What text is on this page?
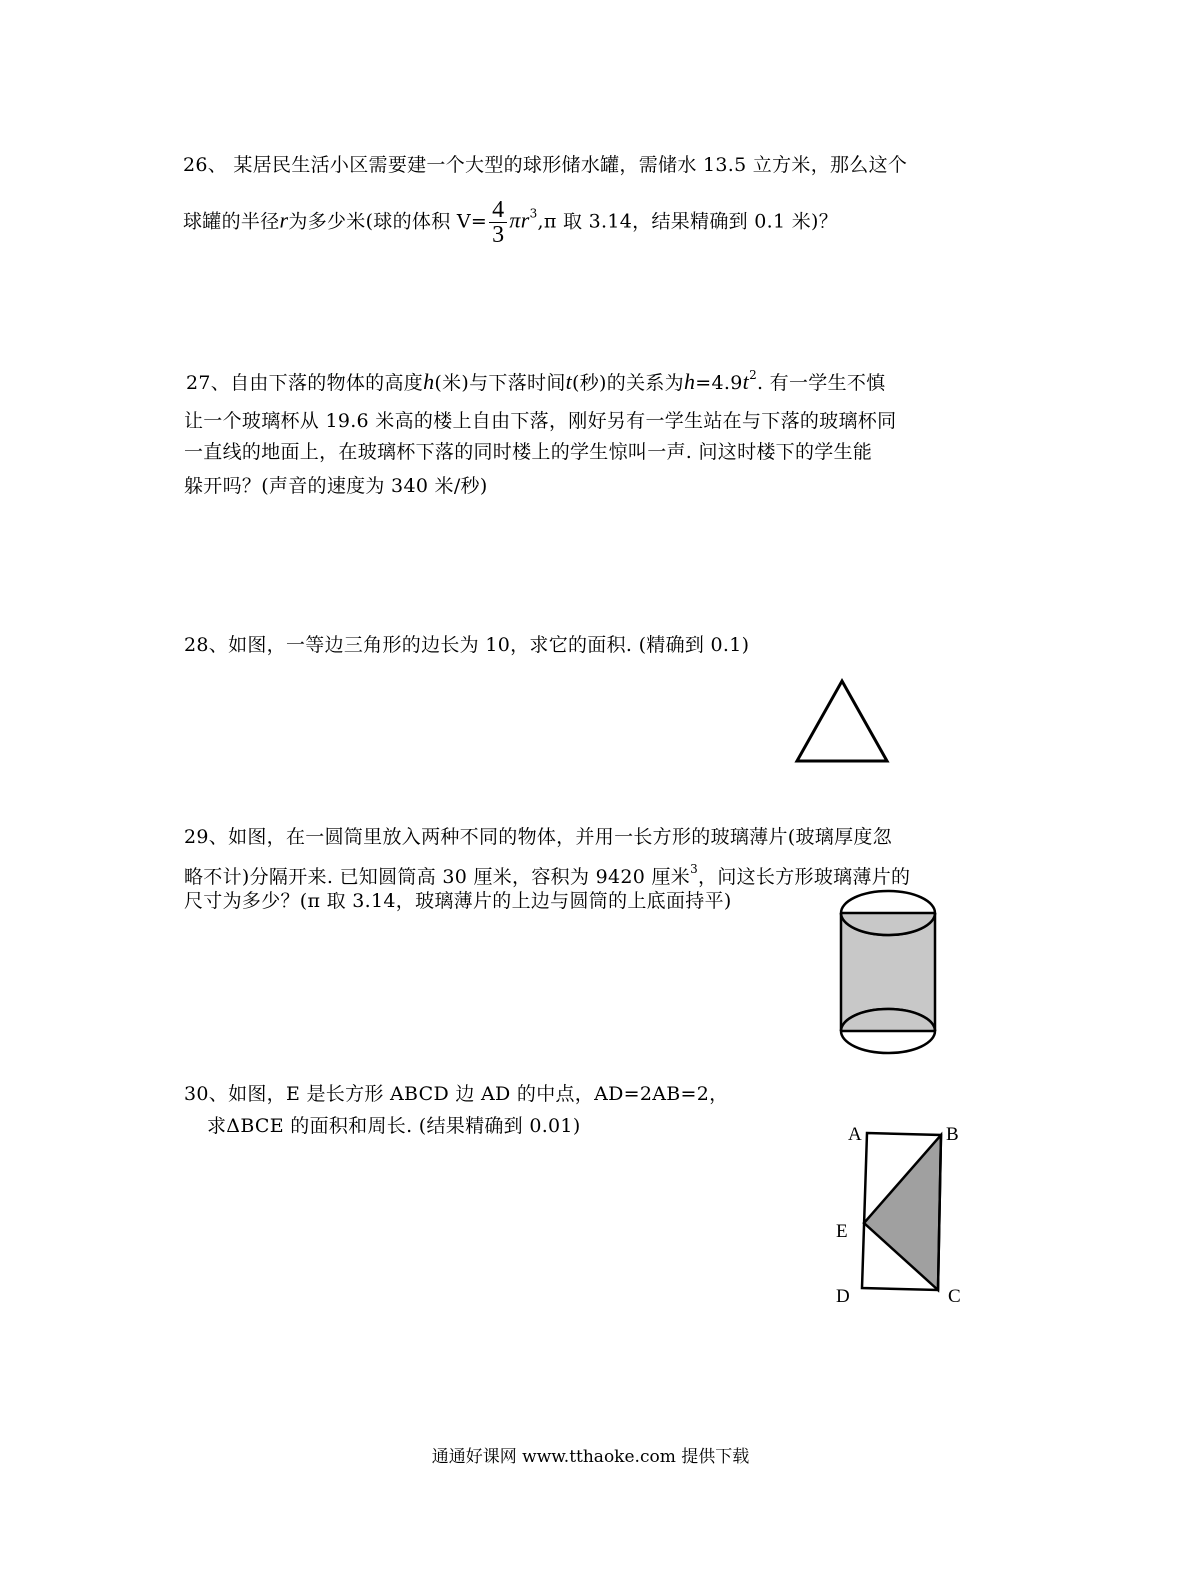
26、 某居民生活小区需要建一个大型的球形储水罐，需储水 13.5 立方米，那么这个
球罐的半径r为多少米(球的体积 $V= \frac{4}{3} \pi r^3,\pi$ 取 3.14，结果精确到 0.1 米)？
27、自由下落的物体的高度h(米)与下落时间t(秒)的关系为$h=4.9t^2$. 有一学生不慎
让一个玻璃杯从 19.6 米高的楼上自由下落，刚好另有一学生站在与下落的玻璃杯同
一直线的地面上，在玻璃杯下落的同时楼上的学生惊叫一声. 问这时楼下的学生能
躲开吗？(声音的速度为 340 米/秒)
28、如图，一等边三角形的边长为 10，求它的面积. (精确到 0.1)
29、如图，在一圆筒里放入两种不同的物体，并用一长方形的玻璃薄片(玻璃厚度忽
略不计)分隔开来. 已知圆筒高 30 厘米，容积为 9420 厘米$^3$，问这长方形玻璃薄片的
尺寸为多少？(π 取 3.14，玻璃薄片的上边与圆筒的上底面持平)
30、如图，E 是长方形 ABCD 边 AD 的中点，AD=2AB=2，
求ΔBCE 的面积和周长. (结果精确到 0.01)	A	B
E
D	C
通通好课网 www.tthaoke.com 提供下载
